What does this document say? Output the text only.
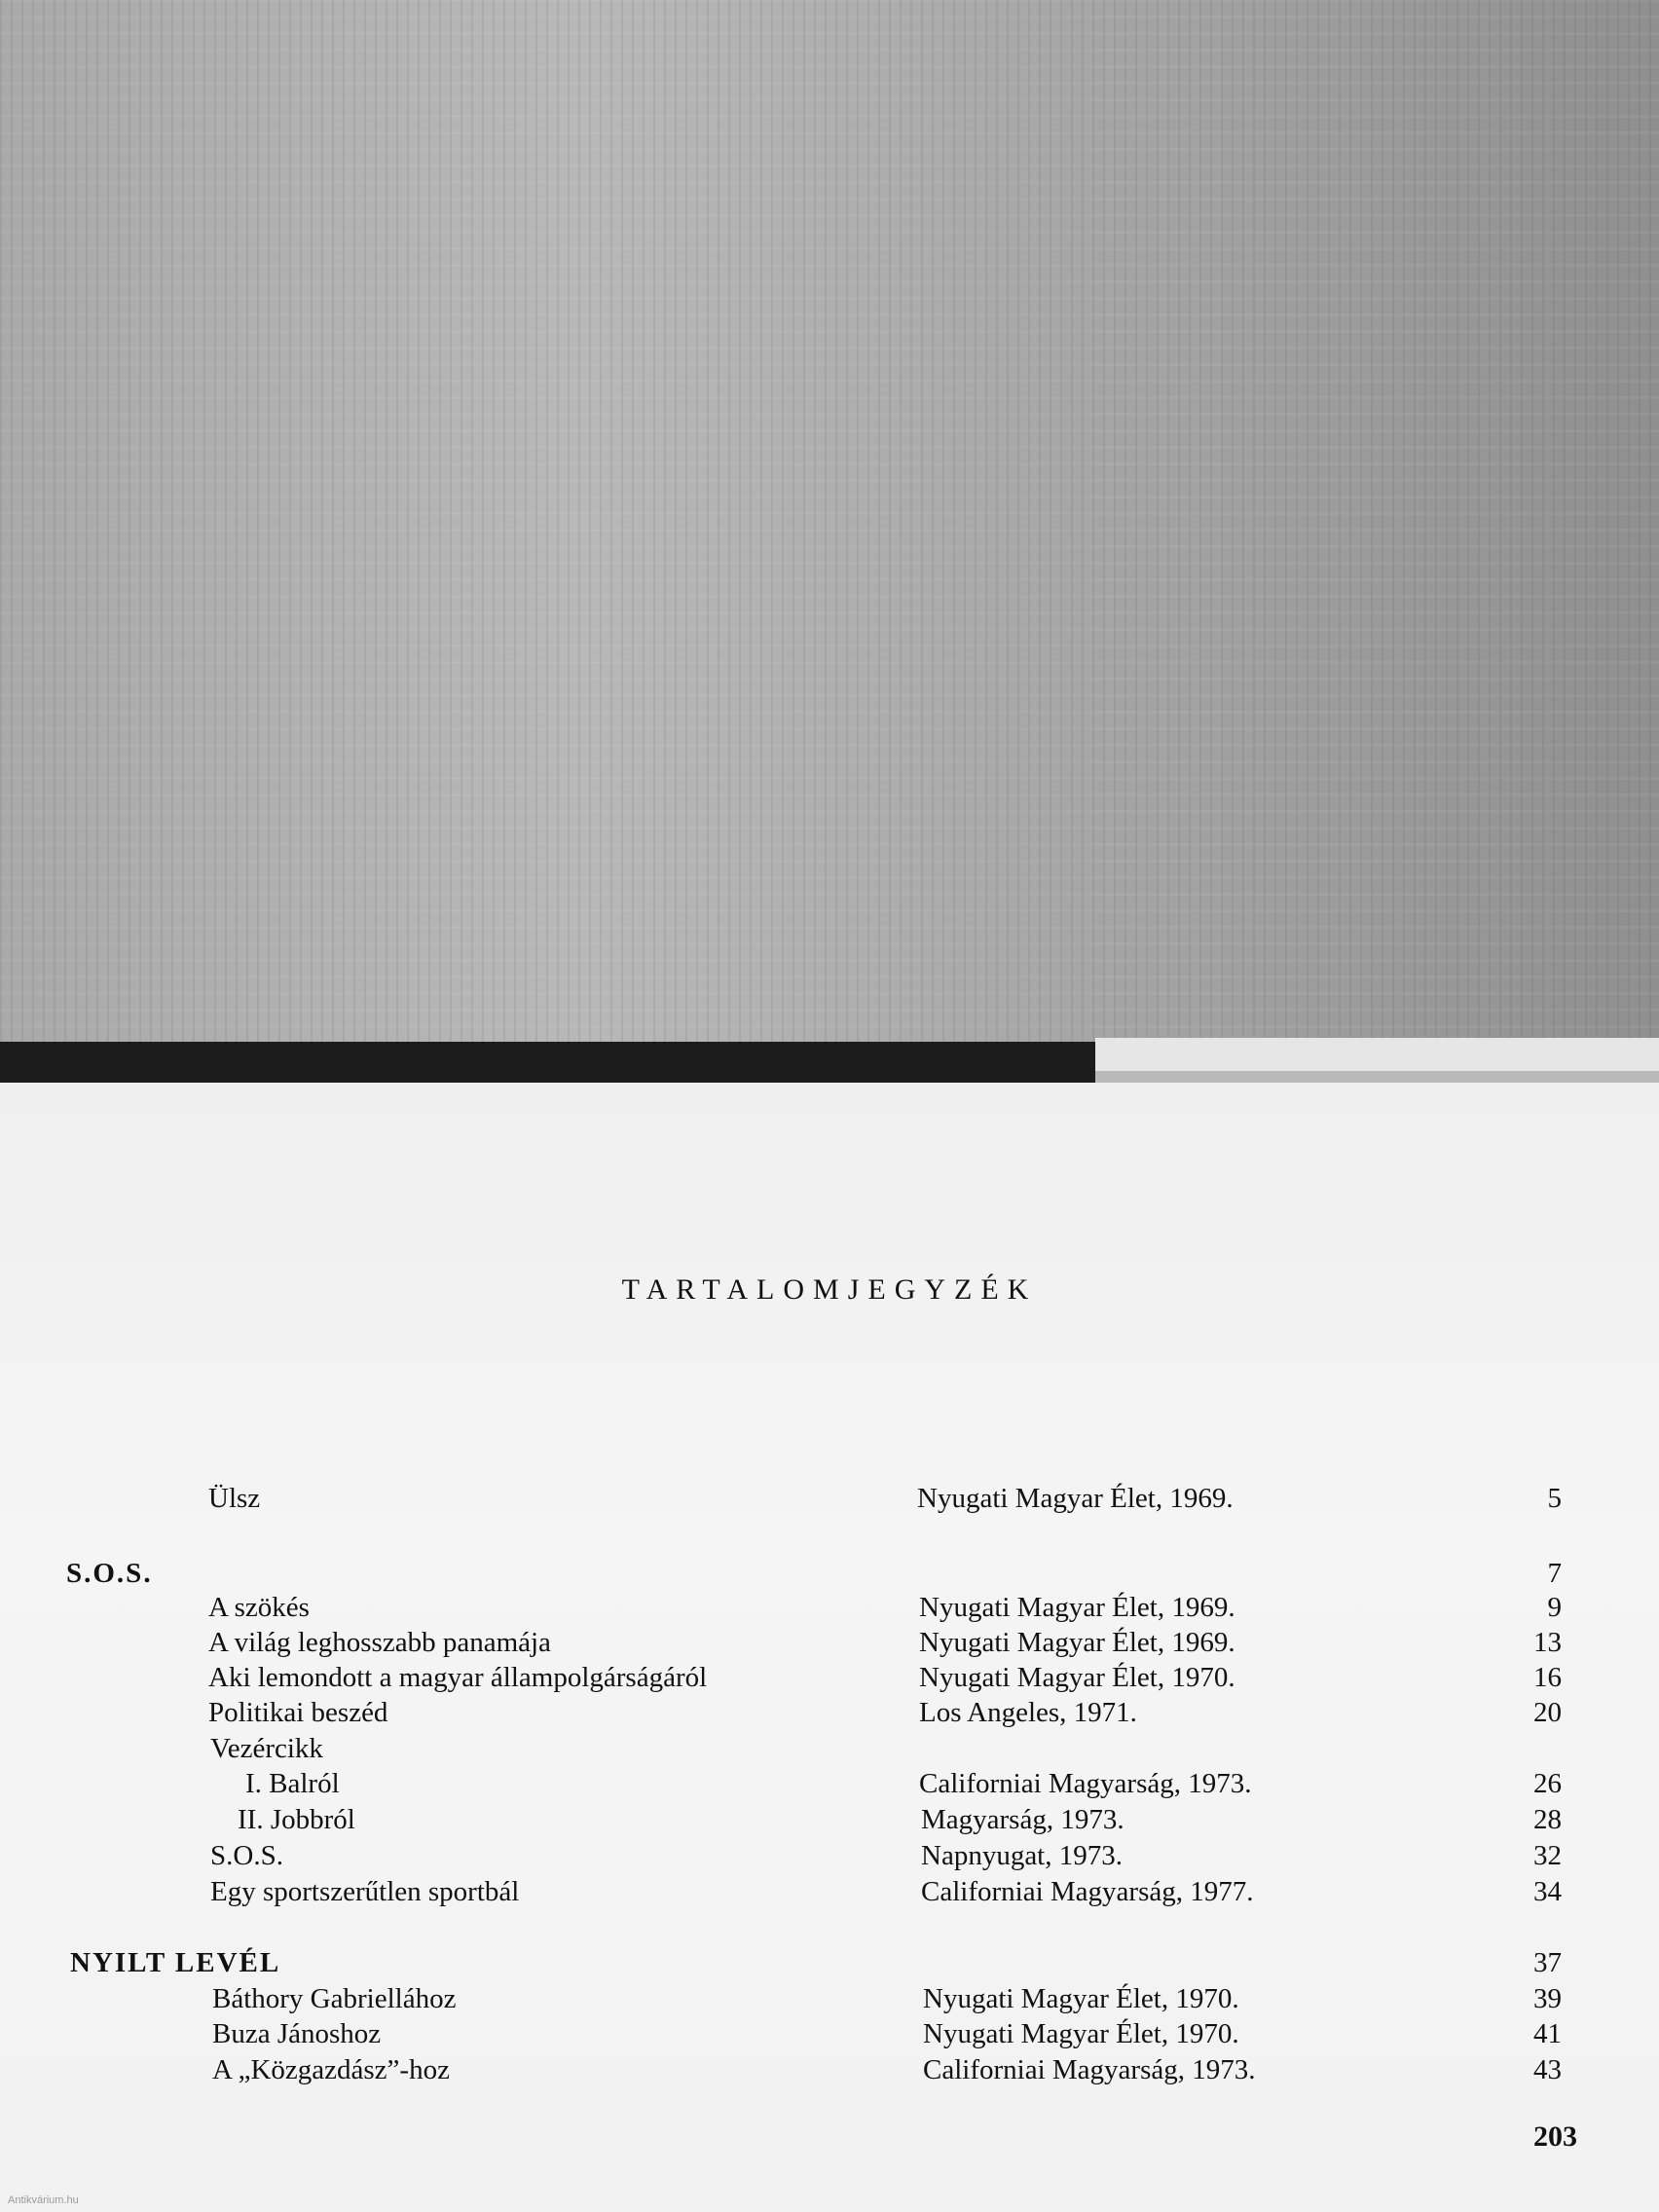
TARTALOMJEGYZÉK
Ülsz	Nyugati Magyar Élet, 1969.	5
S.O.S.	7
A szökés	Nyugati Magyar Élet, 1969.	9
A világ leghosszabb panamája	Nyugati Magyar Élet, 1969.	13
Aki lemondott a magyar állampolgárságáról	Nyugati Magyar Élet, 1970.	16
Politikai beszéd	Los Angeles, 1971.	20
Vezércikk
I. Balról	Californiai Magyarság, 1973.	26
II. Jobbról	Magyarság, 1973.	28
S.O.S.	Napnyugat, 1973.	32
Egy sportszerűtlen sportbál	Californiai Magyarság, 1977.	34
NYILT LEVÉL	37
Báthory Gabriellához	Nyugati Magyar Élet, 1970.	39
Buza Jánoshoz	Nyugati Magyar Élet, 1970.	41
A „Közgazdász”-hoz	Californiai Magyarság, 1973.	43
203
Antikvárium.hu
